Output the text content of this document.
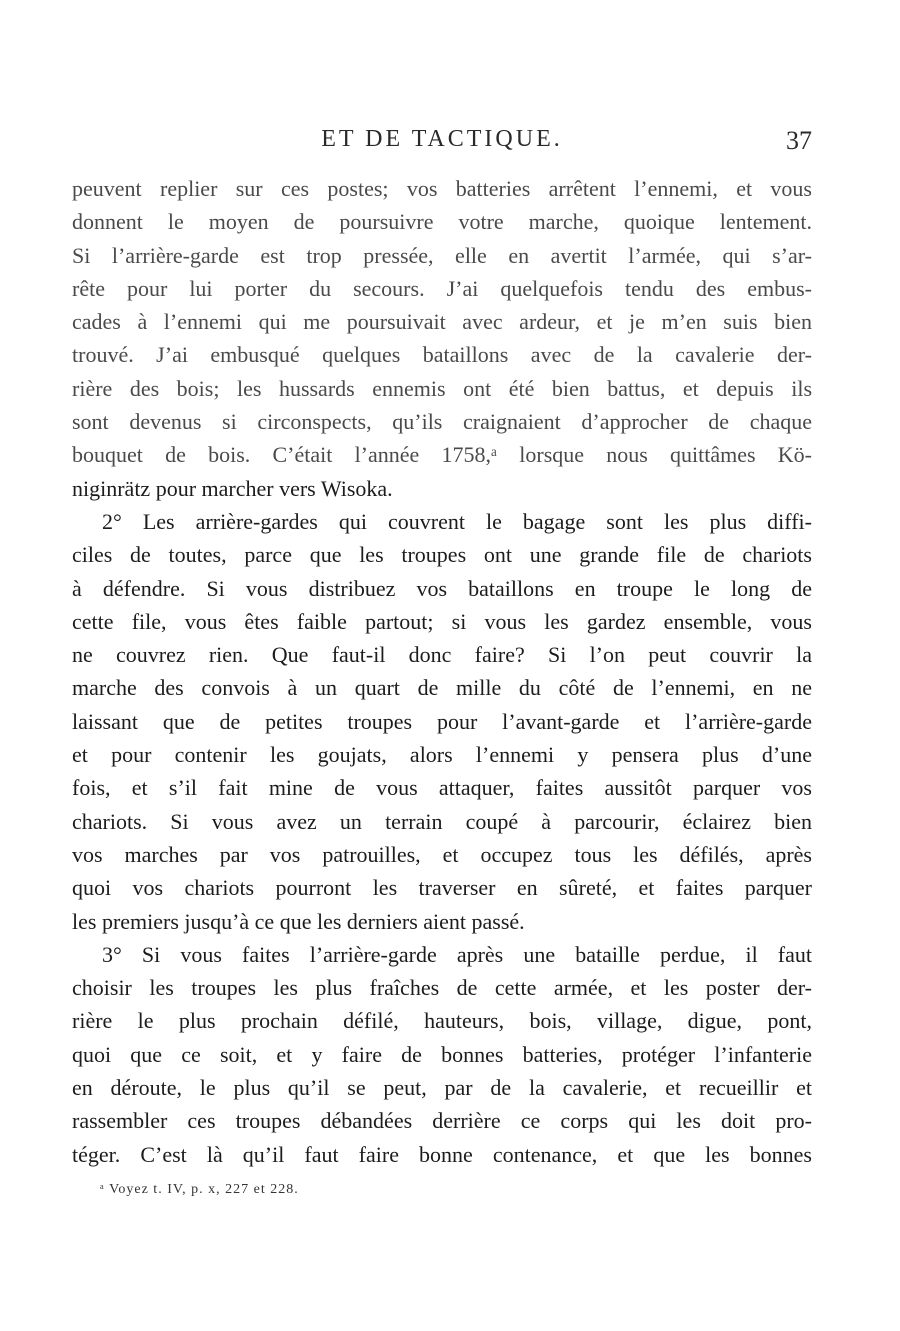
ET DE TACTIQUE.	37
peuvent replier sur ces postes; vos batteries arrêtent l’ennemi, et vous
donnent le moyen de poursuivre votre marche, quoique lentement.
Si l’arrière-garde est trop pressée, elle en avertit l’armée, qui s’ar-
rête pour lui porter du secours. J’ai quelquefois tendu des embus-
cades à l’ennemi qui me poursuivait avec ardeur, et je m’en suis bien
trouvé. J’ai embusqué quelques bataillons avec de la cavalerie der-
rière des bois; les hussards ennemis ont été bien battus, et depuis ils
sont devenus si circonspects, qu’ils craignaient d’approcher de chaque
bouquet de bois. C’était l’année 1758,ᵃ lorsque nous quittâmes Kö-
niginrätz pour marcher vers Wisoka.
2° Les arrière-gardes qui couvrent le bagage sont les plus diffi-
ciles de toutes, parce que les troupes ont une grande file de chariots
à défendre. Si vous distribuez vos bataillons en troupe le long de
cette file, vous êtes faible partout; si vous les gardez ensemble, vous
ne couvrez rien. Que faut-il donc faire? Si l’on peut couvrir la
marche des convois à un quart de mille du côté de l’ennemi, en ne
laissant que de petites troupes pour l’avant-garde et l’arrière-garde
et pour contenir les goujats, alors l’ennemi y pensera plus d’une
fois, et s’il fait mine de vous attaquer, faites aussitôt parquer vos
chariots. Si vous avez un terrain coupé à parcourir, éclairez bien
vos marches par vos patrouilles, et occupez tous les défilés, après
quoi vos chariots pourront les traverser en sûreté, et faites parquer
les premiers jusqu’à ce que les derniers aient passé.
3° Si vous faites l’arrière-garde après une bataille perdue, il faut
choisir les troupes les plus fraîches de cette armée, et les poster der-
rière le plus prochain défilé, hauteurs, bois, village, digue, pont,
quoi que ce soit, et y faire de bonnes batteries, protéger l’infanterie
en déroute, le plus qu’il se peut, par de la cavalerie, et recueillir et
rassembler ces troupes débandées derrière ce corps qui les doit pro-
téger. C’est là qu’il faut faire bonne contenance, et que les bonnes
ᵃ Voyez t. IV, p. x, 227 et 228.
